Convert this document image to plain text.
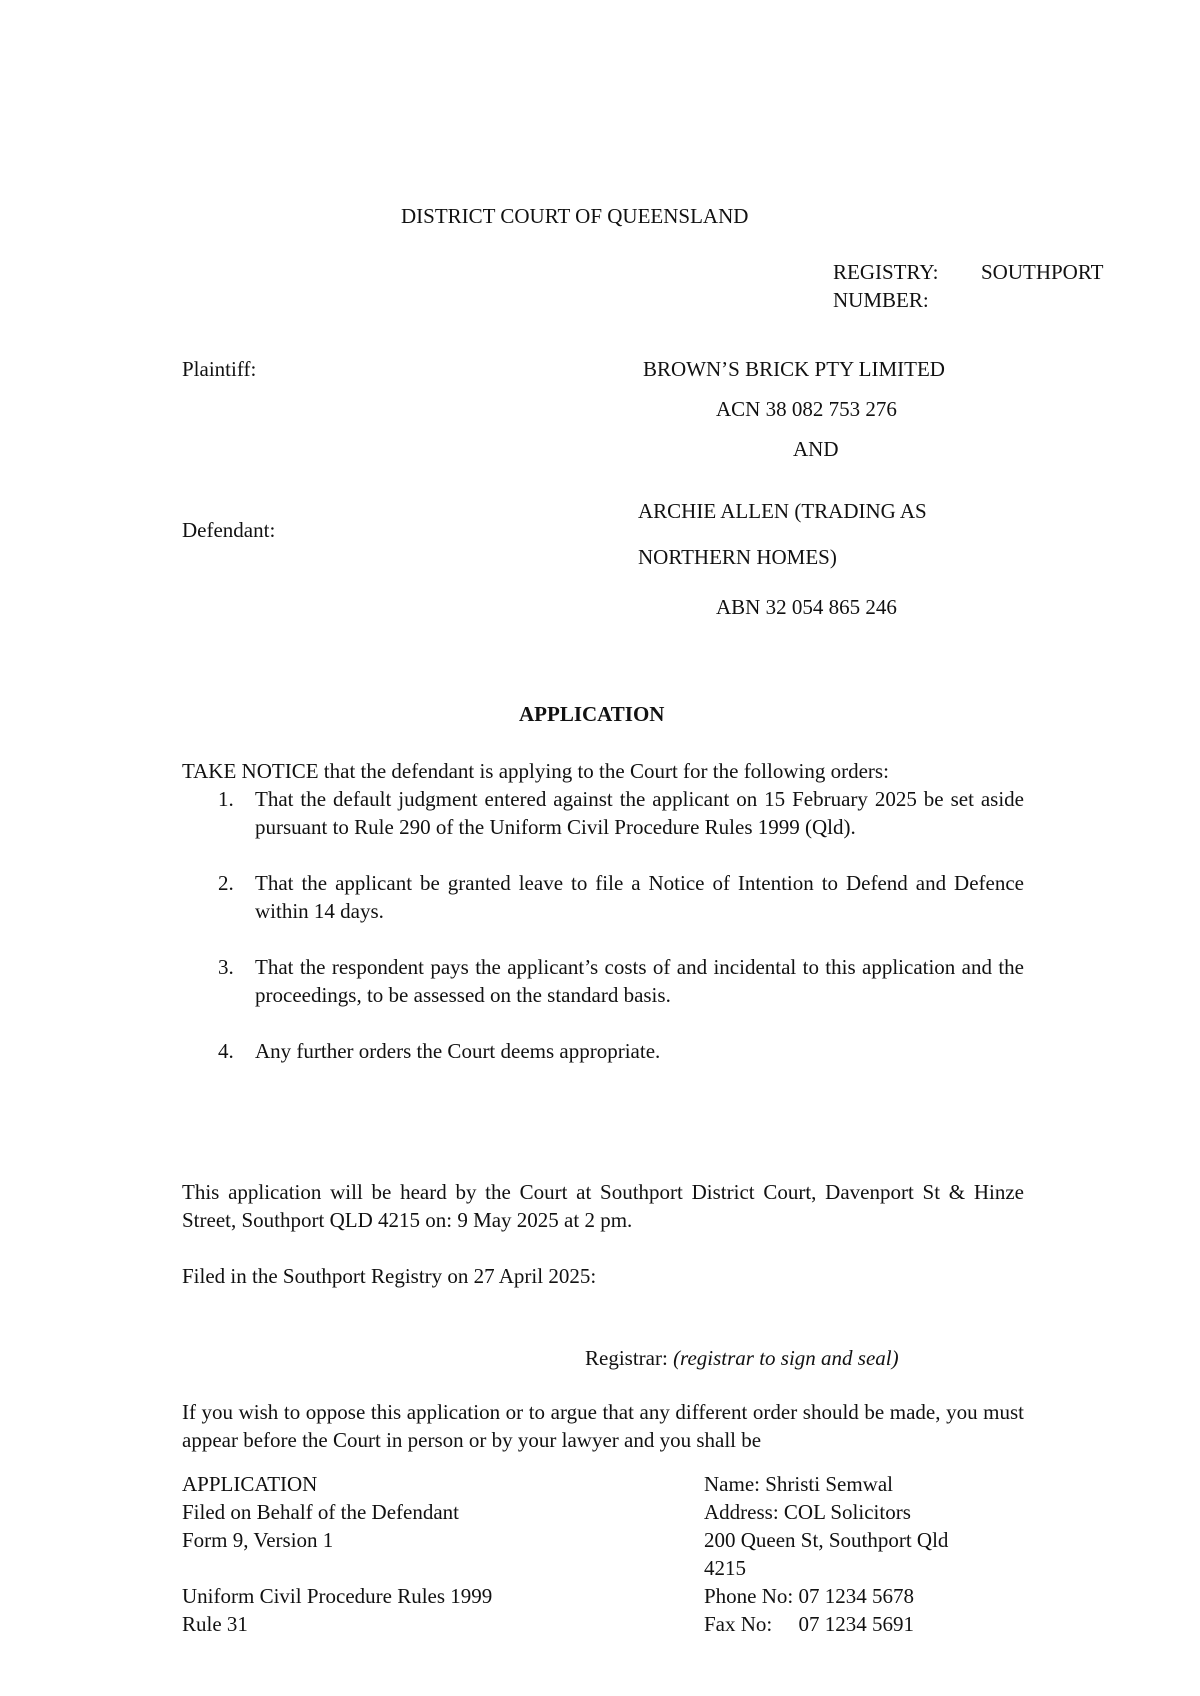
DISTRICT COURT OF QUEENSLAND
REGISTRY: SOUTHPORT
NUMBER:
Plaintiff:	BROWN’S BRICK PTY LIMITED
ACN 38 082 753 276
AND
Defendant:
ARCHIE ALLEN (TRADING AS
NORTHERN HOMES)
ABN 32 054 865 246
APPLICATION
TAKE NOTICE that the defendant is applying to the Court for the following orders:
1. That the default judgment entered against the applicant on 15 February 2025 be set aside pursuant to Rule 290 of the Uniform Civil Procedure Rules 1999 (Qld).
2. That the applicant be granted leave to file a Notice of Intention to Defend and Defence within 14 days.
3. That the respondent pays the applicant’s costs of and incidental to this application and the proceedings, to be assessed on the standard basis.
4. Any further orders the Court deems appropriate.
This application will be heard by the Court at Southport District Court, Davenport St & Hinze Street, Southport QLD 4215 on: 9 May 2025 at 2 pm.
Filed in the Southport Registry on 27 April 2025:
Registrar: (registrar to sign and seal)
If you wish to oppose this application or to argue that any different order should be made, you must appear before the Court in person or by your lawyer and you shall be
APPLICATION
Filed on Behalf of the Defendant
Form 9, Version 1
Uniform Civil Procedure Rules 1999
Rule 31
Name: Shristi Semwal
Address: COL Solicitors
200 Queen St, Southport Qld
4215
Phone No: 07 1234 5678
Fax No:     07 1234 5691
